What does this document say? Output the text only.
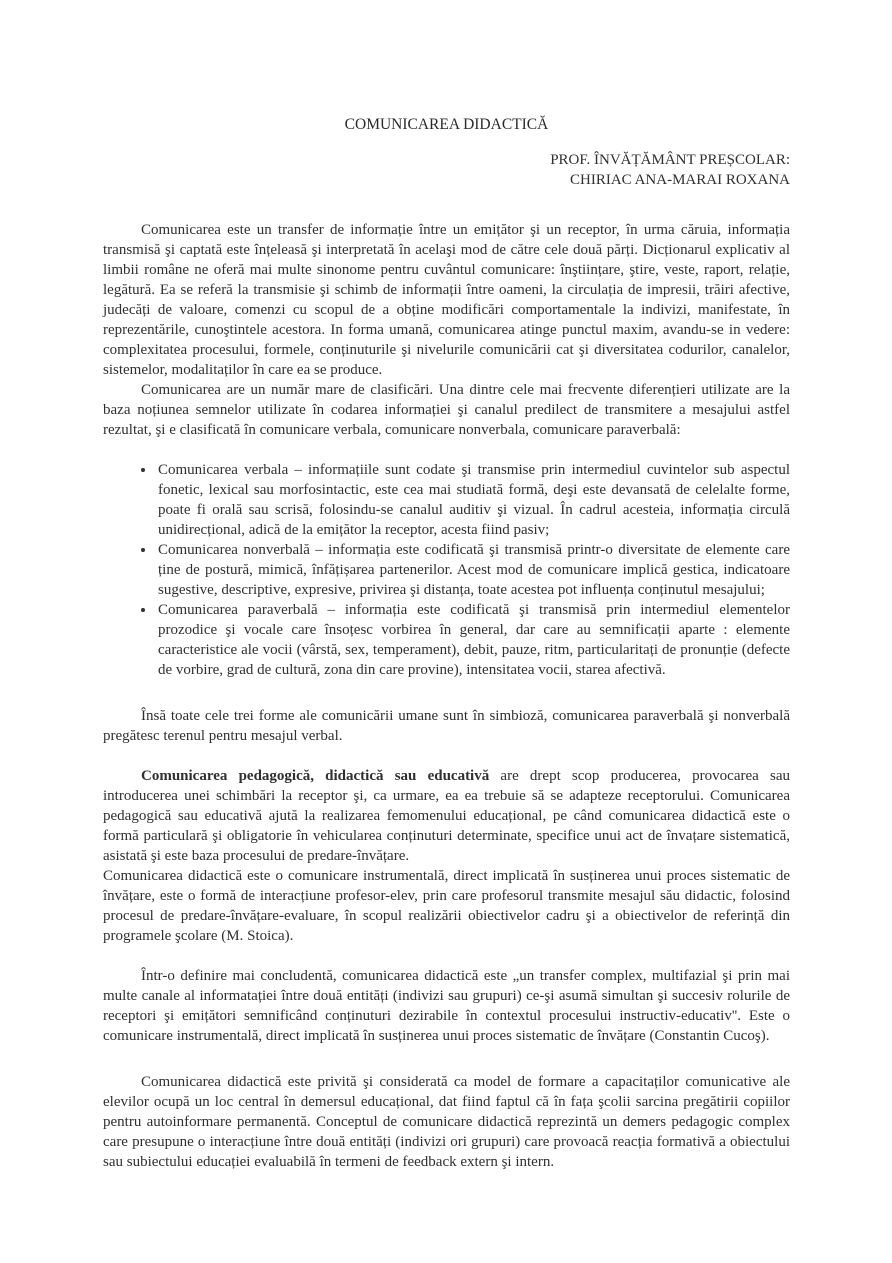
COMUNICAREA DIDACTICĂ
PROF. ÎNVĂȚĂMÂNT PREȘCOLAR:
CHIRIAC ANA-MARAI ROXANA

Comunicarea este un transfer de informație între un emițător şi un receptor, în urma căruia, informația transmisă şi captată este înțeleasă şi interpretată în acelaşi mod de către cele două părți. Dicționarul explicativ al limbii române ne oferă mai multe sinonome pentru cuvântul comunicare: înştiințare, ştire, veste, raport, relație, legătură. Ea se referă la transmisie şi schimb de informații între oameni, la circulația de impresii, trăiri afective, judecăți de valoare, comenzi cu scopul de a obține modificări comportamentale la indivizi, manifestate, în reprezentările, cunoştintele acestora. In forma umană, comunicarea atinge punctul maxim, avandu-se in vedere: complexitatea procesului, formele, conținuturile şi nivelurile comunicării cat şi diversitatea codurilor, canalelor, sistemelor, modalitaților în care ea se produce.

Comunicarea are un număr mare de clasificări. Una dintre cele mai frecvente diferențieri utilizate are la baza noțiunea semnelor utilizate în codarea informației şi canalul predilect de transmitere a mesajului astfel rezultat, şi e clasificată în comunicare verbala, comunicare nonverbala, comunicare paraverbală:

• Comunicarea verbala – informațiile sunt codate şi transmise prin intermediul cuvintelor sub aspectul fonetic, lexical sau morfosintactic, este cea mai studiată formă, deşi este devansată de celelalte forme, poate fi orală sau scrisă, folosindu-se canalul auditiv şi vizual. În cadrul acesteia, informația circulă unidirecțional, adică de la emițător la receptor, acesta fiind pasiv;
• Comunicarea nonverbală – informația este codificată şi transmisă printr-o diversitate de elemente care ține de postură, mimică, înfățișarea partenerilor. Acest mod de comunicare implică gestica, indicatoare sugestive, descriptive, expresive, privirea şi distanța, toate acestea pot influența conținutul mesajului;
• Comunicarea paraverbală – informația este codificată şi transmisă prin intermediul elementelor prozodice şi vocale care însoțesc vorbirea în general, dar care au semnificații aparte : elemente caracteristice ale vocii (vârstă, sex, temperament), debit, pauze, ritm, particularitați de pronunție (defecte de vorbire, grad de cultură, zona din care provine), intensitatea vocii, starea afectivă.

Însă toate cele trei forme ale comunicării umane sunt în simbioză, comunicarea paraverbală şi nonverbală pregătesc terenul pentru mesajul verbal.

Comunicarea pedagogică, didactică sau educativă are drept scop producerea, provocarea sau introducerea unei schimbări la receptor şi, ca urmare, ea ea trebuie să se adapteze receptorului. Comunicarea pedagogică sau educativă ajută la realizarea femomenului educațional, pe când comunicarea didactică este o formă particulară şi obligatorie în vehicularea conținuturi determinate, specifice unui act de învațare sistematică, asistată şi este baza procesului de predare-învățare.

Comunicarea didactică este o comunicare instrumentală, direct implicată în susținerea unui proces sistematic de învățare, este o formă de interacțiune profesor-elev, prin care profesorul transmite mesajul său didactic, folosind procesul de predare-învățare-evaluare, în scopul realizării obiectivelor cadru şi a obiectivelor de referință din programele şcolare (M. Stoica).

Într-o definire mai concludentă, comunicarea didactică este „un transfer complex, multifazial şi prin mai multe canale al informatației între două entități (indivizi sau grupuri) ce-şi asumă simultan şi succesiv rolurile de receptori şi emițători semnificând conținuturi dezirabile în contextul procesului instructiv-educativ''. Este o comunicare instrumentală, direct implicată în susținerea unui proces sistematic de învățare (Constantin Cucoş).

Comunicarea didactică este privită şi considerată ca model de formare a capacitaților comunicative ale elevilor ocupă un loc central în demersul educațional, dat fiind faptul că în fața şcolii sarcina pregătirii copiilor pentru autoinformare permanentă. Conceptul de comunicare didactică reprezintă un demers pedagogic complex care presupune o interacțiune între două entități (indivizi ori grupuri) care provoacă reacția formativă a obiectului sau subiectului educației evaluabilă în termeni de feedback extern şi intern.
